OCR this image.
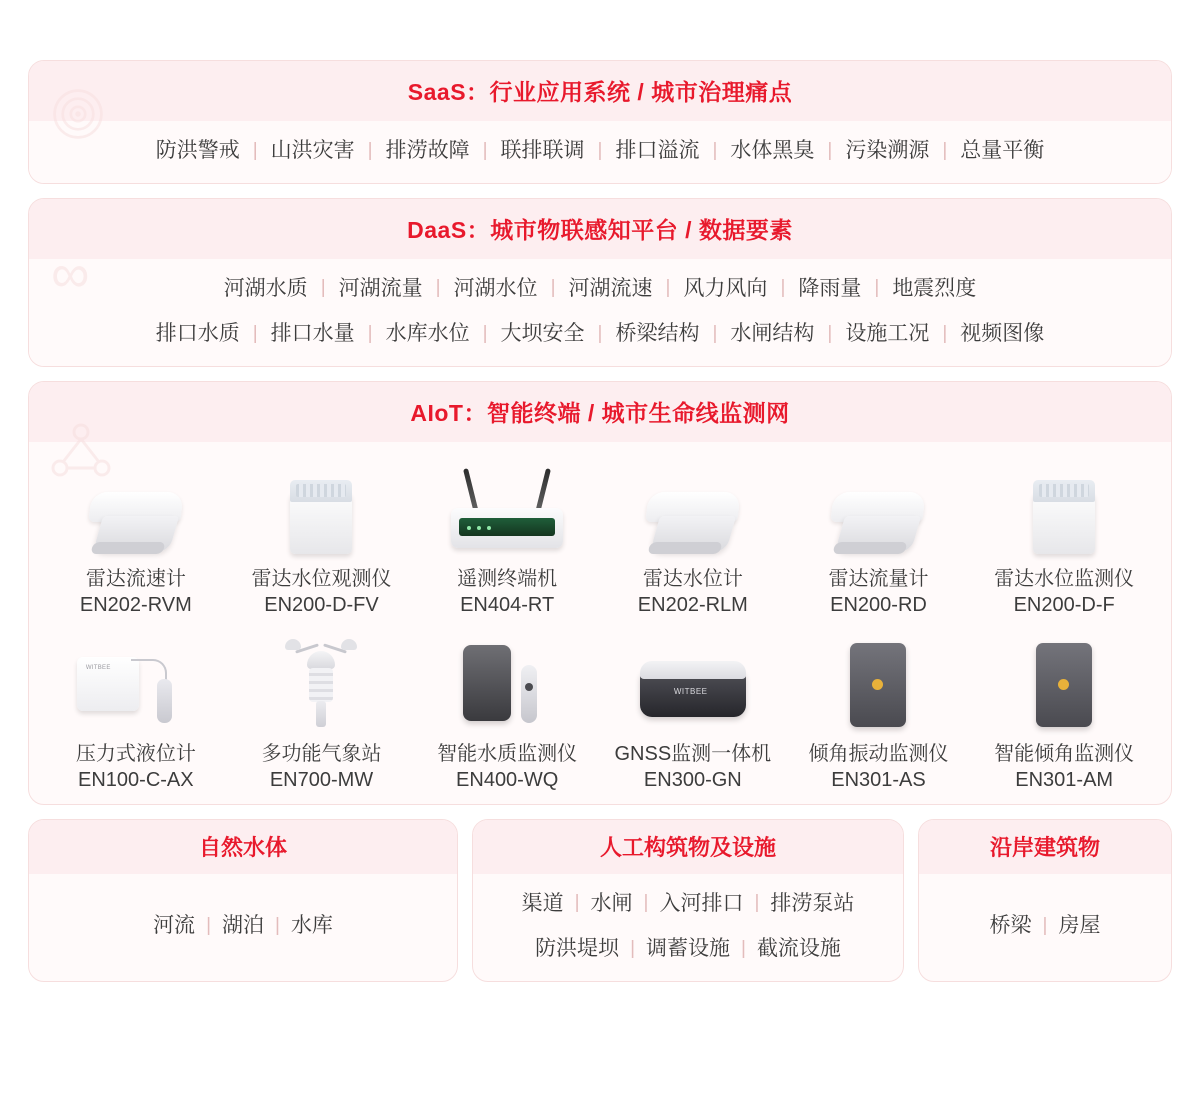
SaaS：行业应用系统 / 城市治理痛点
防洪警戒 | 山洪灾害 | 排涝故障 | 联排联调 | 排口溢流 | 水体黑臭 | 污染溯源 | 总量平衡
∞
DaaS：城市物联感知平台 / 数据要素
河湖水质 | 河湖流量 | 河湖水位 | 河湖流速 | 风力风向 | 降雨量 | 地震烈度
排口水质 | 排口水量 | 水库水位 | 大坝安全 | 桥梁结构 | 水闸结构 | 设施工况 | 视频图像
AIoT：智能终端 / 城市生命线监测网
雷达流速计
EN202-RVM
雷达水位观测仪
EN200-D-FV
遥测终端机
EN404-RT
雷达水位计
EN202-RLM
雷达流量计
EN200-RD
雷达水位监测仪
EN200-D-F
WITBEE
压力式液位计
EN100-C-AX
多功能气象站
EN700-MW
智能水质监测仪
EN400-WQ
WITBEE
GNSS监测一体机
EN300-GN
倾角振动监测仪
EN301-AS
智能倾角监测仪
EN301-AM
自然水体
河流 | 湖泊 | 水库
人工构筑物及设施
渠道 | 水闸 | 入河排口 | 排涝泵站
防洪堤坝 | 调蓄设施 | 截流设施
沿岸建筑物
桥梁 | 房屋
